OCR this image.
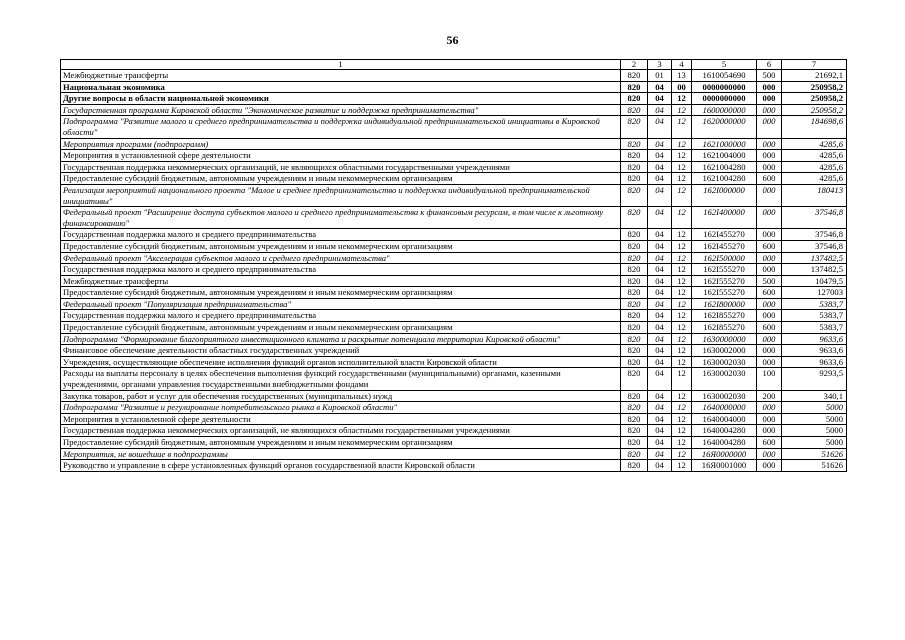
56
1	2	3	4	5	6	7
Межбюджетные трансферты	820	01	13	1610054690	500	21692,1
Национальная экономика	820	04	00	0000000000	000	250958,2
Другие вопросы в области национальной экономики	820	04	12	0000000000	000	250958,2
Государственная программа Кировской области "Экономическое развитие и поддержка предпринимательства"	820	04	12	1600000000	000	250958,2
Подпрограмма "Развитие малого и среднего предпринимательства и поддержка индивидуальной предпринимательской инициативы в Кировской области"	820	04	12	1620000000	000	184698,6
Мероприятия программ (подпрограмм)	820	04	12	1621000000	000	4285,6
Мероприятия в установленной сфере деятельности	820	04	12	1621004000	000	4285,6
Государственная поддержка некоммерческих организаций, не являющихся областными государственными учреждениями	820	04	12	1621004280	000	4285,6
Предоставление субсидий бюджетным, автономным учреждениям и иным некоммерческим организациям	820	04	12	1621004280	600	4285,6
Реализация мероприятий национального проекта "Малое и среднее предпринимательство и поддержка индивидуальной предпринимательской инициативы"	820	04	12	162I000000	000	180413
Федеральный проект "Расширение доступа субъектов малого и среднего предпринимательства к финансовым ресурсам, в том числе к льготному финансированию"	820	04	12	162I400000	000	37546,8
Государственная поддержка малого и среднего предпринимательства	820	04	12	162I455270	000	37546,8
Предоставление субсидий бюджетным, автономным учреждениям и иным некоммерческим организациям	820	04	12	162I455270	600	37546,8
Федеральный проект "Акселерация субъектов малого и среднего предпринимательства"	820	04	12	162I500000	000	137482,5
Государственная поддержка малого и среднего предпринимательства	820	04	12	162I555270	000	137482,5
Межбюджетные трансферты	820	04	12	162I555270	500	10479,5
Предоставление субсидий бюджетным, автономным учреждениям и иным некоммерческим организациям	820	04	12	162I555270	600	127003
Федеральный проект "Популяризация предпринимательства"	820	04	12	162I800000	000	5383,7
Государственная поддержка малого и среднего предпринимательства	820	04	12	162I855270	000	5383,7
Предоставление субсидий бюджетным, автономным учреждениям и иным некоммерческим организациям	820	04	12	162I855270	600	5383,7
Подпрограмма "Формирование благоприятного инвестиционного климата и раскрытие потенциала территории Кировской области"	820	04	12	1630000000	000	9633,6
Финансовое обеспечение деятельности областных государственных учреждений	820	04	12	1630002000	000	9633,6
Учреждения, осуществляющие обеспечение исполнения функций органов исполнительной власти Кировской области	820	04	12	1630002030	000	9633,6
Расходы на выплаты персоналу в целях обеспечения выполнения функций государственными (муниципальными) органами, казенными учреждениями, органами управления государственными внебюджетными фондами	820	04	12	1630002030	100	9293,5
Закупка товаров, работ и услуг для обеспечения государственных (муниципальных) нужд	820	04	12	1630002030	200	340,1
Подпрограмма "Развитие и регулирование потребительского рынка в Кировской области"	820	04	12	1640000000	000	5000
Мероприятия в установленной сфере деятельности	820	04	12	1640004000	000	5000
Государственная поддержка некоммерческих организаций, не являющихся областными государственными учреждениями	820	04	12	1640004280	000	5000
Предоставление субсидий бюджетным, автономным учреждениям и иным некоммерческим организациям	820	04	12	1640004280	600	5000
Мероприятия, не вошедшие в подпрограммы	820	04	12	16Я0000000	000	51626
Руководство и управление в сфере установленных функций органов государственной власти Кировской области	820	04	12	16Я0001000	000	51626
